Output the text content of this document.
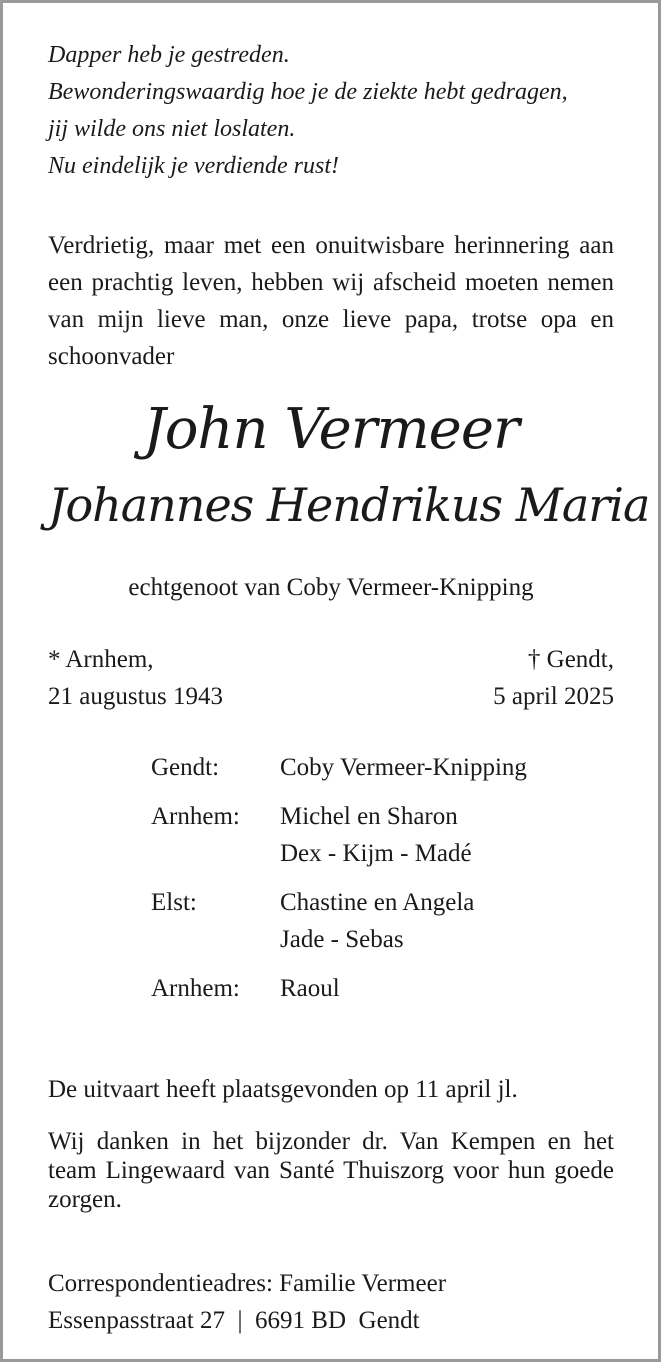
Dapper heb je gestreden.
Bewonderingswaardig hoe je de ziekte hebt gedragen,
jij wilde ons niet loslaten.
Nu eindelijk je verdiende rust!
Verdrietig, maar met een onuitwisbare herinnering aan een prachtig leven, hebben wij afscheid moeten nemen van mijn lieve man, onze lieve papa, trotse opa en schoonvader
John Vermeer
Johannes Hendrikus Maria
echtgenoot van Coby Vermeer-Knipping
* Arnhem,
21 augustus 1943
† Gendt,
5 april 2025
Gendt:	Coby Vermeer-Knipping
Arnhem:	Michel en Sharon
Dex - Kijm - Madé
Elst:	Chastine en Angela
Jade - Sebas
Arnhem:	Raoul
De uitvaart heeft plaatsgevonden op 11 april jl.
Wij danken in het bijzonder dr. Van Kempen en het team Lingewaard van Santé Thuiszorg voor hun goede zorgen.
Correspondentieadres: Familie Vermeer
Essenpasstraat 27  |  6691 BD  Gendt
